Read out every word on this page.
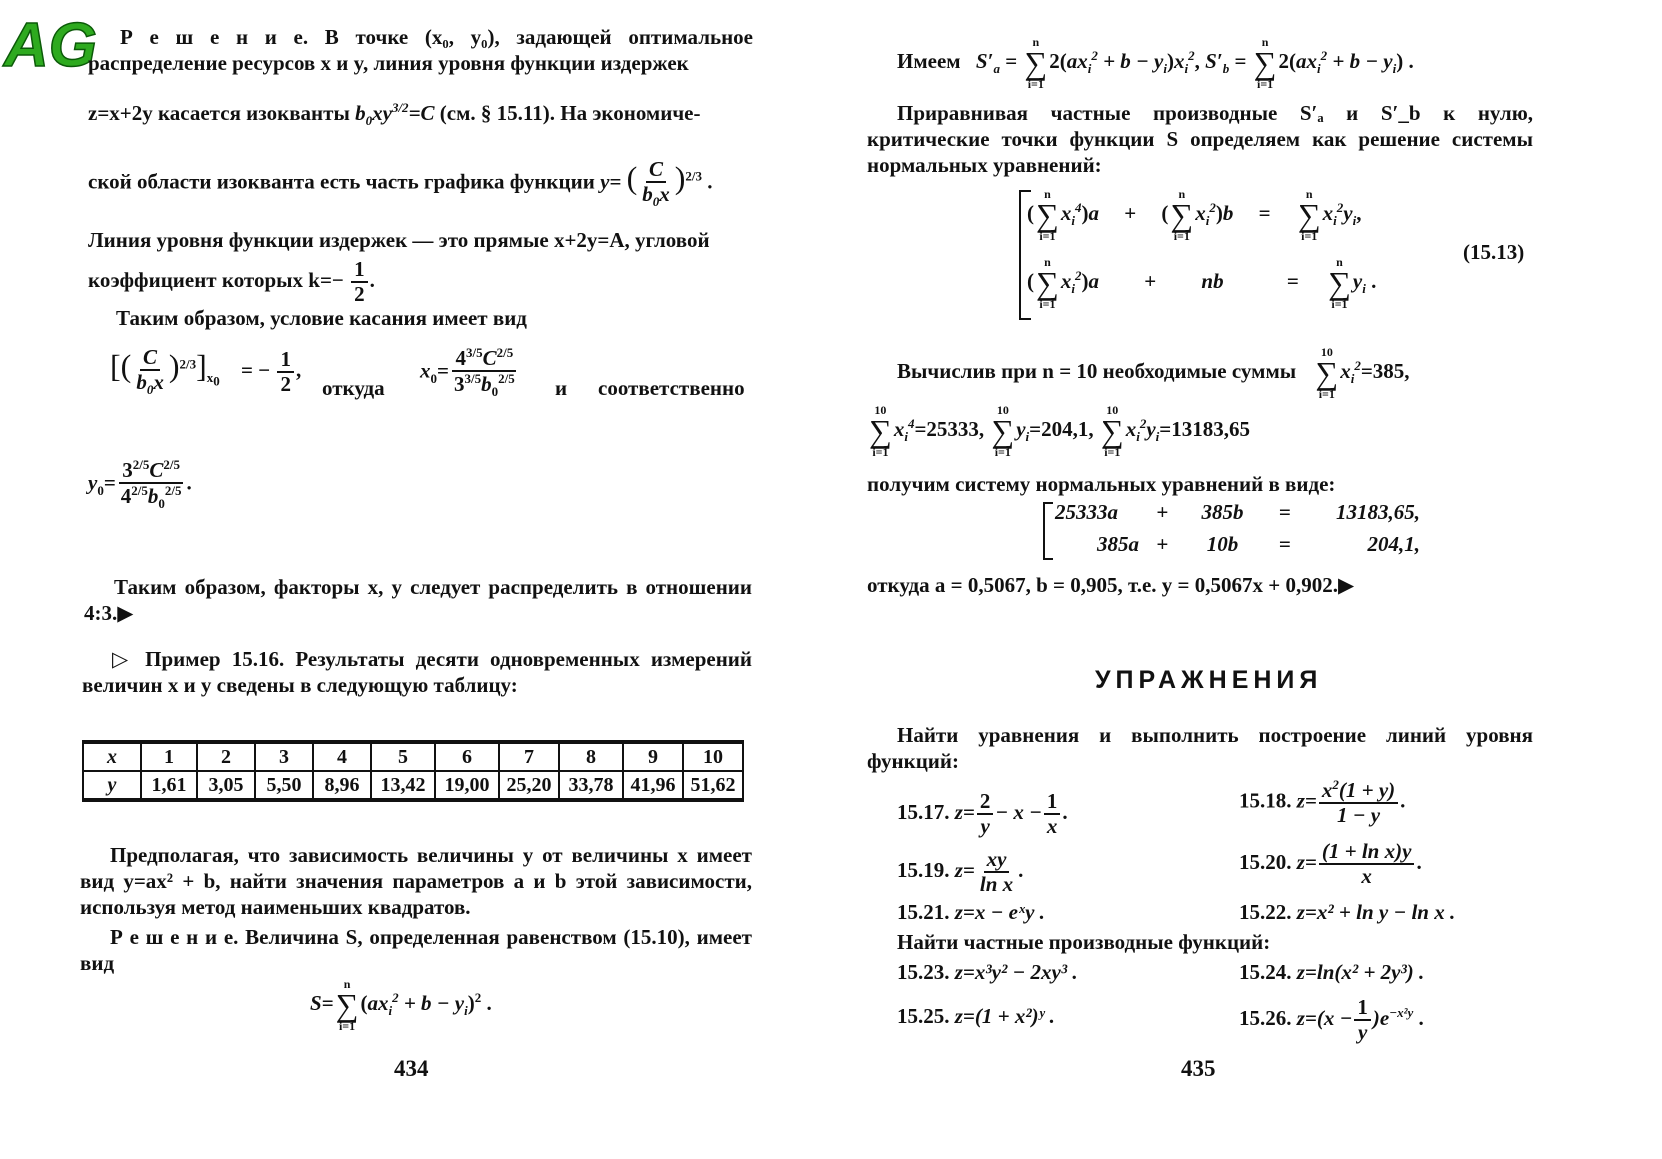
AG	Р е ш е н и е. В точке (x₀, y₀), задающей оптимальное распределение ресурсов x и y, линия уровня функции издержек
z=x+2y касается изокванты $b_0xy^{3/2}=C$ (см. § 15.11). На экономиче-
ской области изокванта есть часть графика функции y= ( $\frac{C}{b_0x} )^{2/3}$ .
Линия уровня функции издержек — это прямые x+2y=A, угловой
коэффициент которых $k=- \frac{1}{2}$ .
Таким образом, условие касания имеет вид
[( $\frac{C}{b_0x} )^{2/3}]_{x_0}$ = − $\frac{1}{2}$ ,
откуда
$x_0= \frac{4^{3/5}C^{2/5}}{3^{3/5}b_0^{2/5}}$ и соответственно
$y_0= \frac{3^{2/5}C^{2/5}}{4^{2/5}b_0^{2/5}}$ .
Таким образом, факторы x, y следует распределить в отношении 4:3.▶
▷ Пример 15.16. Результаты десяти одновременных измерений величин x и y сведены в следующую таблицу:
x	1	2	3	4	5	6	7	8	9	10
y	1,61	3,05	5,50	8,96	13,42	19,00	25,20	33,78	41,96	51,62
Предполагая, что зависимость величины y от величины x имеет вид y=ax² + b, найти значения параметров a и b этой зависимости, используя метод наименьших квадратов.
Р е ш е н и е. Величина S, определенная равенством (15.10), имеет вид
S=
n
∑
i=1
$(ax_i^2 + b - y_i)^2$ .
434
Имеем $S'_a$ =
n
∑
i=1
$2(ax_i^2 + b - y_i)x_i^2$, $S'_b$ =
n
∑
i=1
$2(ax_i^2 + b - y_i)$ .
Приравнивая частные производные S′ₐ и S′_b к нулю, критические точки функции S определяем как решение системы нормальных уравнений:
(
n
∑
i=1
$x_i^4)a$ + (
n
∑
i=1
$x_i^2)b$ =
n
∑
i=1
$x_i^2y_i$,
(
n
∑
i=1
$x_i^2)a$ + nb	=
n
∑
i=1
$y_i$ .
(15.13)
Вычислив при n = 10 необходимые суммы
10
∑
i=1
$x_i^2=385$,
10
∑
i=1
$x_i^4=25333$,
10
∑
i=1
$y_i=204,1$,
10
∑
i=1
$x_i^2y_i=13183,65$
получим систему нормальных уравнений в виде:
25333a + 385b = 13183,65,
385a + 10b =	204,1,
откуда a = 0,5067, b = 0,905, т.е. y = 0,5067x + 0,902.▶
УПРАЖНЕНИЯ
Найти уравнения и выполнить построение линий уровня функций:
15.17. $z= \frac{2}{y} - x - \frac{1}{x}$ .	15.18. $z= \frac{x^2(1 + y)}{1 - y}$ .
15.19. $z= \frac{xy}{\text{ln x}}$ .	15.20. $z= \frac{\text{(1 + ln x)y}}{x}$ .
15.21. z=x − eˣy .	15.22. z=x² + ln y − ln x .
Найти частные производные функций:
15.23. z=x³y² − 2xy³ .	15.24. z=ln(x² + 2y³) .
15.25. z=(1 + x²)ʸ .	15.26. $z=(x - \frac{1}{y} )e^{-x^2y}$ .
435
